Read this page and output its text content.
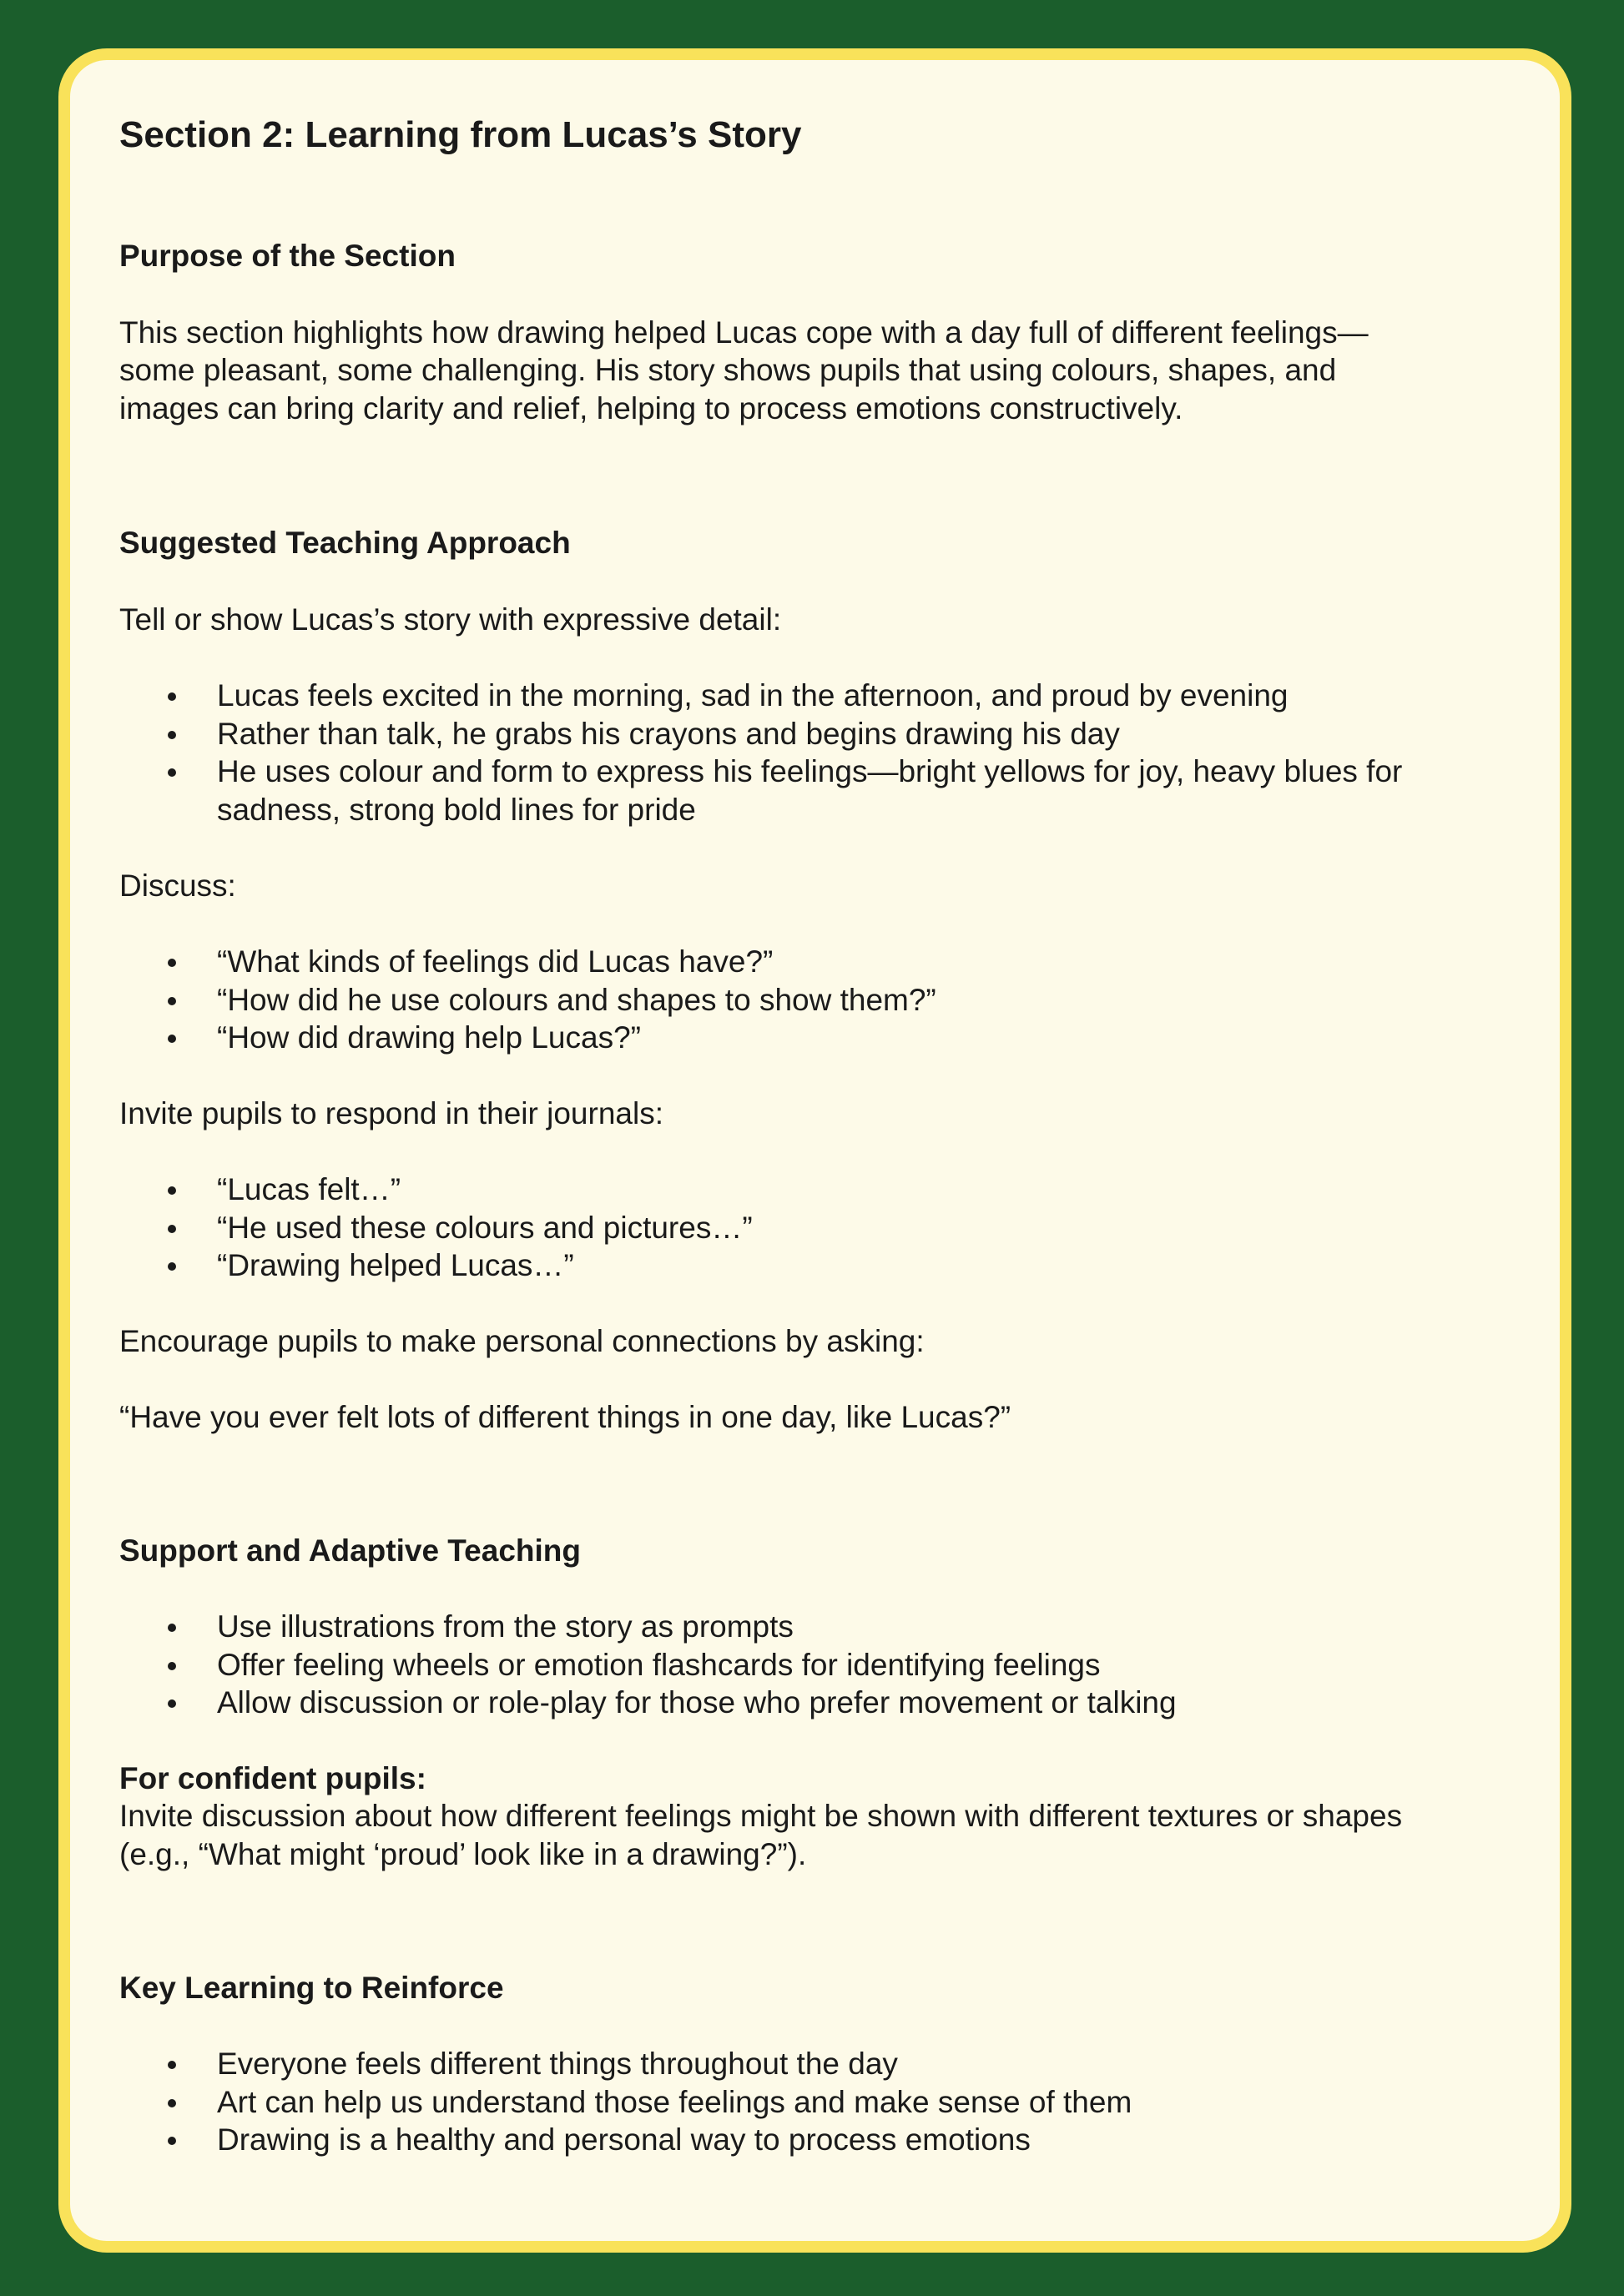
Section 2: Learning from Lucas’s Story
Purpose of the Section

This section highlights how drawing helped Lucas cope with a day full of different feelings—

some pleasant, some challenging. His story shows pupils that using colours, shapes, and

images can bring clarity and relief, helping to process emotions constructively.

Suggested Teaching Approach

Tell or show Lucas’s story with expressive detail:

Lucas feels excited in the morning, sad in the afternoon, and proud by evening
Rather than talk, he grabs his crayons and begins drawing his day
He uses colour and form to express his feelings—bright yellows for joy, heavy blues for sadness, strong bold lines for pride

Discuss:

“What kinds of feelings did Lucas have?”
“How did he use colours and shapes to show them?”
“How did drawing help Lucas?”

Invite pupils to respond in their journals:

“Lucas felt…”
“He used these colours and pictures…”
“Drawing helped Lucas…”

Encourage pupils to make personal connections by asking:

“Have you ever felt lots of different things in one day, like Lucas?”

Support and Adaptive Teaching
Use illustrations from the story as prompts
Offer feeling wheels or emotion flashcards for identifying feelings
Allow discussion or role-play for those who prefer movement or talking

For confident pupils:

Invite discussion about how different feelings might be shown with different textures or shapes

(e.g., “What might ‘proud’ look like in a drawing?”).

Key Learning to Reinforce
Everyone feels different things throughout the day
Art can help us understand those feelings and make sense of them
Drawing is a healthy and personal way to process emotions
